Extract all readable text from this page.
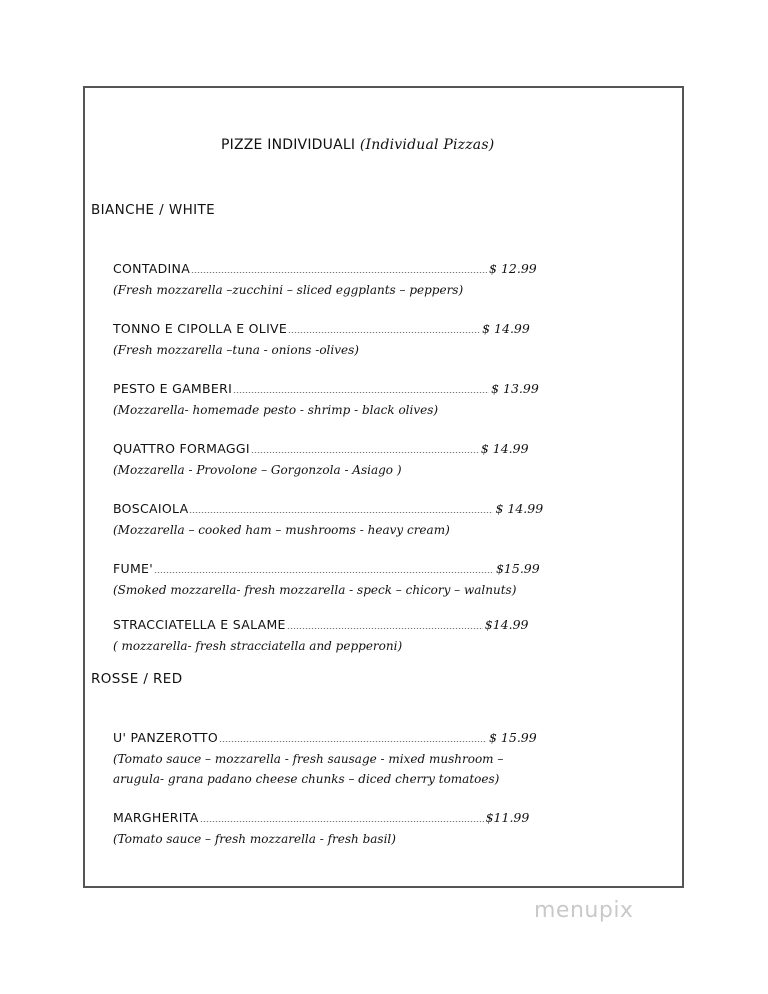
PIZZE INDIVIDUALI (Individual Pizzas)
BIANCHE / WHITE
CONTADINA	$ 12.99
(Fresh mozzarella –zucchini – sliced eggplants – peppers)
TONNO E CIPOLLA E OLIVE	$ 14.99
(Fresh mozzarella –tuna - onions -olives)
PESTO E GAMBERI	$ 13.99
(Mozzarella- homemade pesto - shrimp - black olives)
QUATTRO FORMAGGI	$ 14.99
(Mozzarella - Provolone – Gorgonzola - Asiago )
BOSCAIOLA	$ 14.99
(Mozzarella – cooked ham – mushrooms - heavy cream)
FUME'	$15.99
(Smoked mozzarella- fresh mozzarella - speck – chicory – walnuts)
STRACCIATELLA E SALAME	$14.99
( mozzarella- fresh stracciatella and pepperoni)
ROSSE / RED
U' PANZEROTTO	$ 15.99
(Tomato sauce – mozzarella - fresh sausage - mixed mushroom –
arugula- grana padano cheese chunks – diced cherry tomatoes)
MARGHERITA	$11.99
(Tomato sauce – fresh mozzarella - fresh basil)
menupix
